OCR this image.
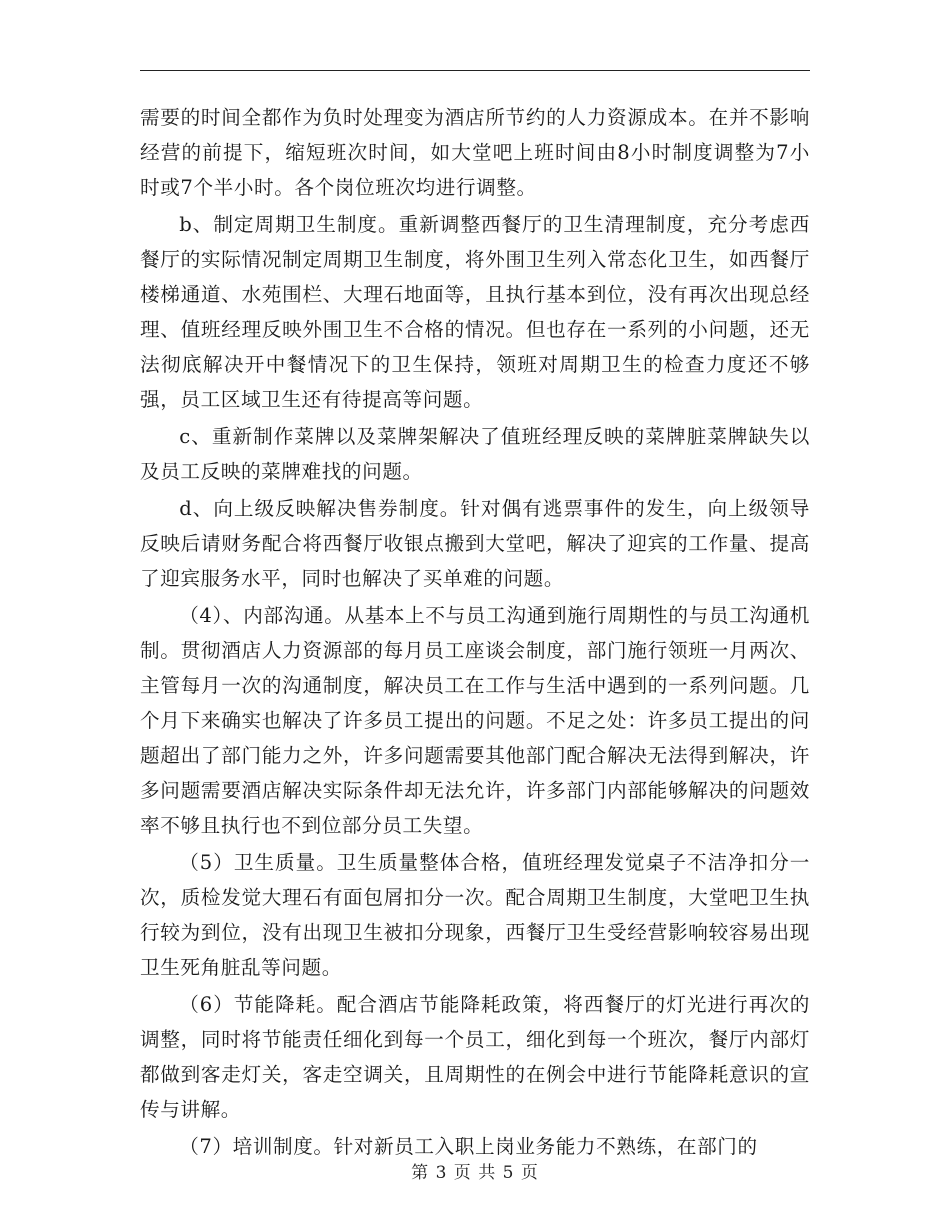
需要的时间全都作为负时处理变为酒店所节约的人力资源成本。在并不影响经营的前提下，缩短班次时间，如大堂吧上班时间由8小时制度调整为7小时或7个半小时。各个岗位班次均进行调整。

b、制定周期卫生制度。重新调整西餐厅的卫生清理制度，充分考虑西餐厅的实际情况制定周期卫生制度，将外围卫生列入常态化卫生，如西餐厅楼梯通道、水苑围栏、大理石地面等，且执行基本到位，没有再次出现总经理、值班经理反映外围卫生不合格的情况。但也存在一系列的小问题，还无法彻底解决开中餐情况下的卫生保持，领班对周期卫生的检查力度还不够强，员工区域卫生还有待提高等问题。

c、重新制作菜牌以及菜牌架解决了值班经理反映的菜牌脏菜牌缺失以及员工反映的菜牌难找的问题。

d、向上级反映解决售券制度。针对偶有逃票事件的发生，向上级领导反映后请财务配合将西餐厅收银点搬到大堂吧，解决了迎宾的工作量、提高了迎宾服务水平，同时也解决了买单难的问题。

（4）、内部沟通。从基本上不与员工沟通到施行周期性的与员工沟通机制。贯彻酒店人力资源部的每月员工座谈会制度，部门施行领班一月两次、主管每月一次的沟通制度，解决员工在工作与生活中遇到的一系列问题。几个月下来确实也解决了许多员工提出的问题。不足之处：许多员工提出的问题超出了部门能力之外，许多问题需要其他部门配合解决无法得到解决，许多问题需要酒店解决实际条件却无法允许，许多部门内部能够解决的问题效率不够且执行也不到位部分员工失望。

（5）卫生质量。卫生质量整体合格，值班经理发觉桌子不洁净扣分一次，质检发觉大理石有面包屑扣分一次。配合周期卫生制度，大堂吧卫生执行较为到位，没有出现卫生被扣分现象，西餐厅卫生受经营影响较容易出现卫生死角脏乱等问题。

（6）节能降耗。配合酒店节能降耗政策，将西餐厅的灯光进行再次的调整，同时将节能责任细化到每一个员工，细化到每一个班次，餐厅内部灯都做到客走灯关，客走空调关，且周期性的在例会中进行节能降耗意识的宣传与讲解。

（7）培训制度。针对新员工入职上岗业务能力不熟练，在部门的

第 3 页 共 5 页
